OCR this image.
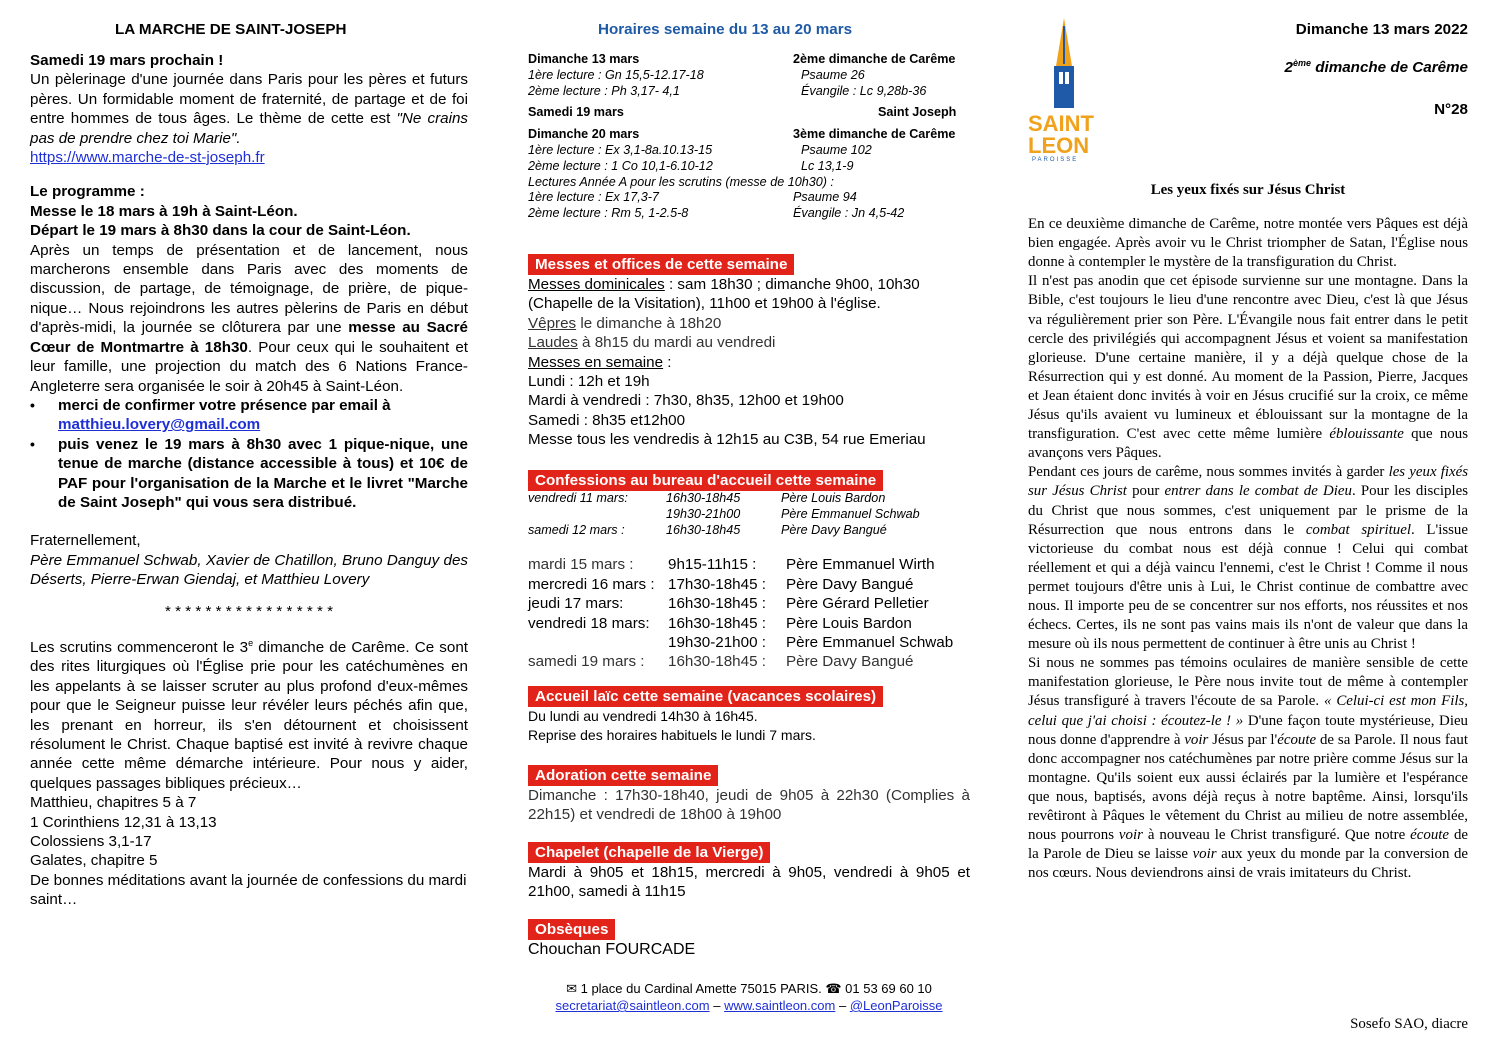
LA MARCHE DE SAINT-JOSEPH

Samedi 19 mars prochain !

Un pèlerinage d'une journée dans Paris pour les pères et futurs pères. Un formidable moment de fraternité, de partage et de foi entre hommes de tous âges. Le thème de cette est "Ne crains pas de prendre chez toi Marie".

https://www.marche-de-st-joseph.fr

Le programme :

Messe le 18 mars à 19h à Saint-Léon.

Départ le 19 mars à 8h30 dans la cour de Saint-Léon.

Après un temps de présentation et de lancement, nous marcherons ensemble dans Paris avec des moments de discussion, de partage, de témoignage, de prière, de pique-nique… Nous rejoindrons les autres pèlerins de Paris en début d'après-midi, la journée se clôturera par une messe au Sacré Cœur de Montmartre à 18h30. Pour ceux qui le souhaitent et leur famille, une projection du match des 6 Nations France-Angleterre sera organisée le soir à 20h45 à Saint-Léon.

• merci de confirmer votre présence par email à
matthieu.lovery@gmail.com
• puis venez le 19 mars à 8h30 avec 1 pique-nique, une tenue de marche (distance accessible à tous) et 10€ de PAF pour l'organisation de la Marche et le livret "Marche de Saint Joseph" qui vous sera distribué.

Fraternellement,

Père Emmanuel Schwab, Xavier de Chatillon, Bruno Danguy des Déserts, Pierre-Erwan Giendaj, et Matthieu Lovery

* * * * * * * * * * * * * * * * *

Les scrutins commenceront le 3e dimanche de Carême. Ce sont des rites liturgiques où l'Église prie pour les catéchumènes en les appelants à se laisser scruter au plus profond d'eux-mêmes pour que le Seigneur puisse leur révéler leurs péchés afin que, les prenant en horreur, ils s'en détournent et choisissent résolument le Christ. Chaque baptisé est invité à revivre chaque année cette même démarche intérieure. Pour nous y aider, quelques passages bibliques précieux…

Matthieu, chapitres 5 à 7

1 Corinthiens 12,31 à 13,13

Colossiens 3,1-17

Galates, chapitre 5

De bonnes méditations avant la journée de confessions du mardi saint…

Horaires semaine du 13 au 20 mars
Dimanche 13 mars	2ème dimanche de Carême
1ère lecture : Gn 15,5-12.17-18	Psaume 26
2ème lecture : Ph 3,17- 4,1	Évangile : Lc 9,28b-36
Samedi 19 mars	Saint Joseph
Dimanche 20 mars	3ème dimanche de Carême
1ère lecture : Ex 3,1-8a.10.13-15	Psaume 102
2ème lecture : 1 Co 10,1-6.10-12	Lc 13,1-9
Lectures Année A pour les scrutins (messe de 10h30) :
1ère lecture : Ex 17,3-7	Psaume 94
2ème lecture : Rm 5, 1-2.5-8	Évangile : Jn 4,5-42
Messes et offices de cette semaine

Messes dominicales : sam 18h30 ; dimanche 9h00, 10h30 (Chapelle de la Visitation), 11h00 et 19h00 à l'église.

Vêpres le dimanche à 18h20

Laudes à 8h15 du mardi au vendredi

Messes en semaine :

Lundi : 12h et 19h

Mardi à vendredi : 7h30, 8h35, 12h00 et 19h00

Samedi : 8h35 et12h00

Messe tous les vendredis à 12h15 au C3B, 54 rue Emeriau

Confessions au bureau d'accueil cette semaine
vendredi 11 mars:	16h30-18h45	Père Louis Bardon
19h30-21h00	Père Emmanuel Schwab
samedi 12 mars :	16h30-18h45	Père Davy Bangué
mardi 15 mars :	9h15-11h15 :	Père Emmanuel Wirth
mercredi 16 mars : 17h30-18h45 :	Père Davy Bangué
jeudi 17 mars:	16h30-18h45 :	Père Gérard Pelletier
vendredi 18 mars:	16h30-18h45 :	Père Louis Bardon
19h30-21h00 :	Père Emmanuel Schwab
samedi 19 mars :	16h30-18h45 :	Père Davy Bangué
Accueil laïc cette semaine (vacances scolaires)

Du lundi au vendredi 14h30 à 16h45.

Reprise des horaires habituels le lundi 7 mars.

Adoration cette semaine

Dimanche : 17h30-18h40, jeudi de 9h05 à 22h30 (Complies à 22h15) et vendredi de 18h00 à 19h00

Chapelet (chapelle de la Vierge)

Mardi à 9h05 et 18h15, mercredi à 9h05, vendredi à 9h05 et 21h00, samedi à 11h15

Obsèques

Chouchan FOURCADE

✉ 1 place du Cardinal Amette 75015 PARIS. ☎ 01 53 69 60 10
secretariat@saintleon.com – www.saintleon.com – @LeonParoisse
SAINT
LEON
PAROISSE
Dimanche 13 mars 2022
2ème dimanche de Carême
N°28

Les yeux fixés sur Jésus Christ

En ce deuxième dimanche de Carême, notre montée vers Pâques est déjà bien engagée. Après avoir vu le Christ triompher de Satan, l'Église nous donne à contempler le mystère de la transfiguration du Christ.

Il n'est pas anodin que cet épisode survienne sur une montagne. Dans la Bible, c'est toujours le lieu d'une rencontre avec Dieu, c'est là que Jésus va régulièrement prier son Père. L'Évangile nous fait entrer dans le petit cercle des privilégiés qui accompagnent Jésus et voient sa manifestation glorieuse. D'une certaine manière, il y a déjà quelque chose de la Résurrection qui y est donné. Au moment de la Passion, Pierre, Jacques et Jean étaient donc invités à voir en Jésus crucifié sur la croix, ce même Jésus qu'ils avaient vu lumineux et éblouissant sur la montagne de la transfiguration. C'est avec cette même lumière éblouissante que nous avançons vers Pâques.

Pendant ces jours de carême, nous sommes invités à garder les yeux fixés sur Jésus Christ pour entrer dans le combat de Dieu. Pour les disciples du Christ que nous sommes, c'est uniquement par le prisme de la Résurrection que nous entrons dans le combat spirituel. L'issue victorieuse du combat nous est déjà connue ! Celui qui combat réellement et qui a déjà vaincu l'ennemi, c'est le Christ ! Comme il nous permet toujours d'être unis à Lui, le Christ continue de combattre avec nous. Il importe peu de se concentrer sur nos efforts, nos réussites et nos échecs. Certes, ils ne sont pas vains mais ils n'ont de valeur que dans la mesure où ils nous permettent de continuer à être unis au Christ !

Si nous ne sommes pas témoins oculaires de manière sensible de cette manifestation glorieuse, le Père nous invite tout de même à contempler Jésus transfiguré à travers l'écoute de sa Parole. « Celui-ci est mon Fils, celui que j'ai choisi : écoutez-le ! » D'une façon toute mystérieuse, Dieu nous donne d'apprendre à voir Jésus par l'écoute de sa Parole. Il nous faut donc accompagner nos catéchumènes par notre prière comme Jésus sur la montagne. Qu'ils soient eux aussi éclairés par la lumière et l'espérance que nous, baptisés, avons déjà reçus à notre baptême. Ainsi, lorsqu'ils revêtiront à Pâques le vêtement du Christ au milieu de notre assemblée, nous pourrons voir à nouveau le Christ transfiguré. Que notre écoute de la Parole de Dieu se laisse voir aux yeux du monde par la conversion de nos cœurs. Nous deviendrons ainsi de vrais imitateurs du Christ.

Sosefo SAO, diacre
